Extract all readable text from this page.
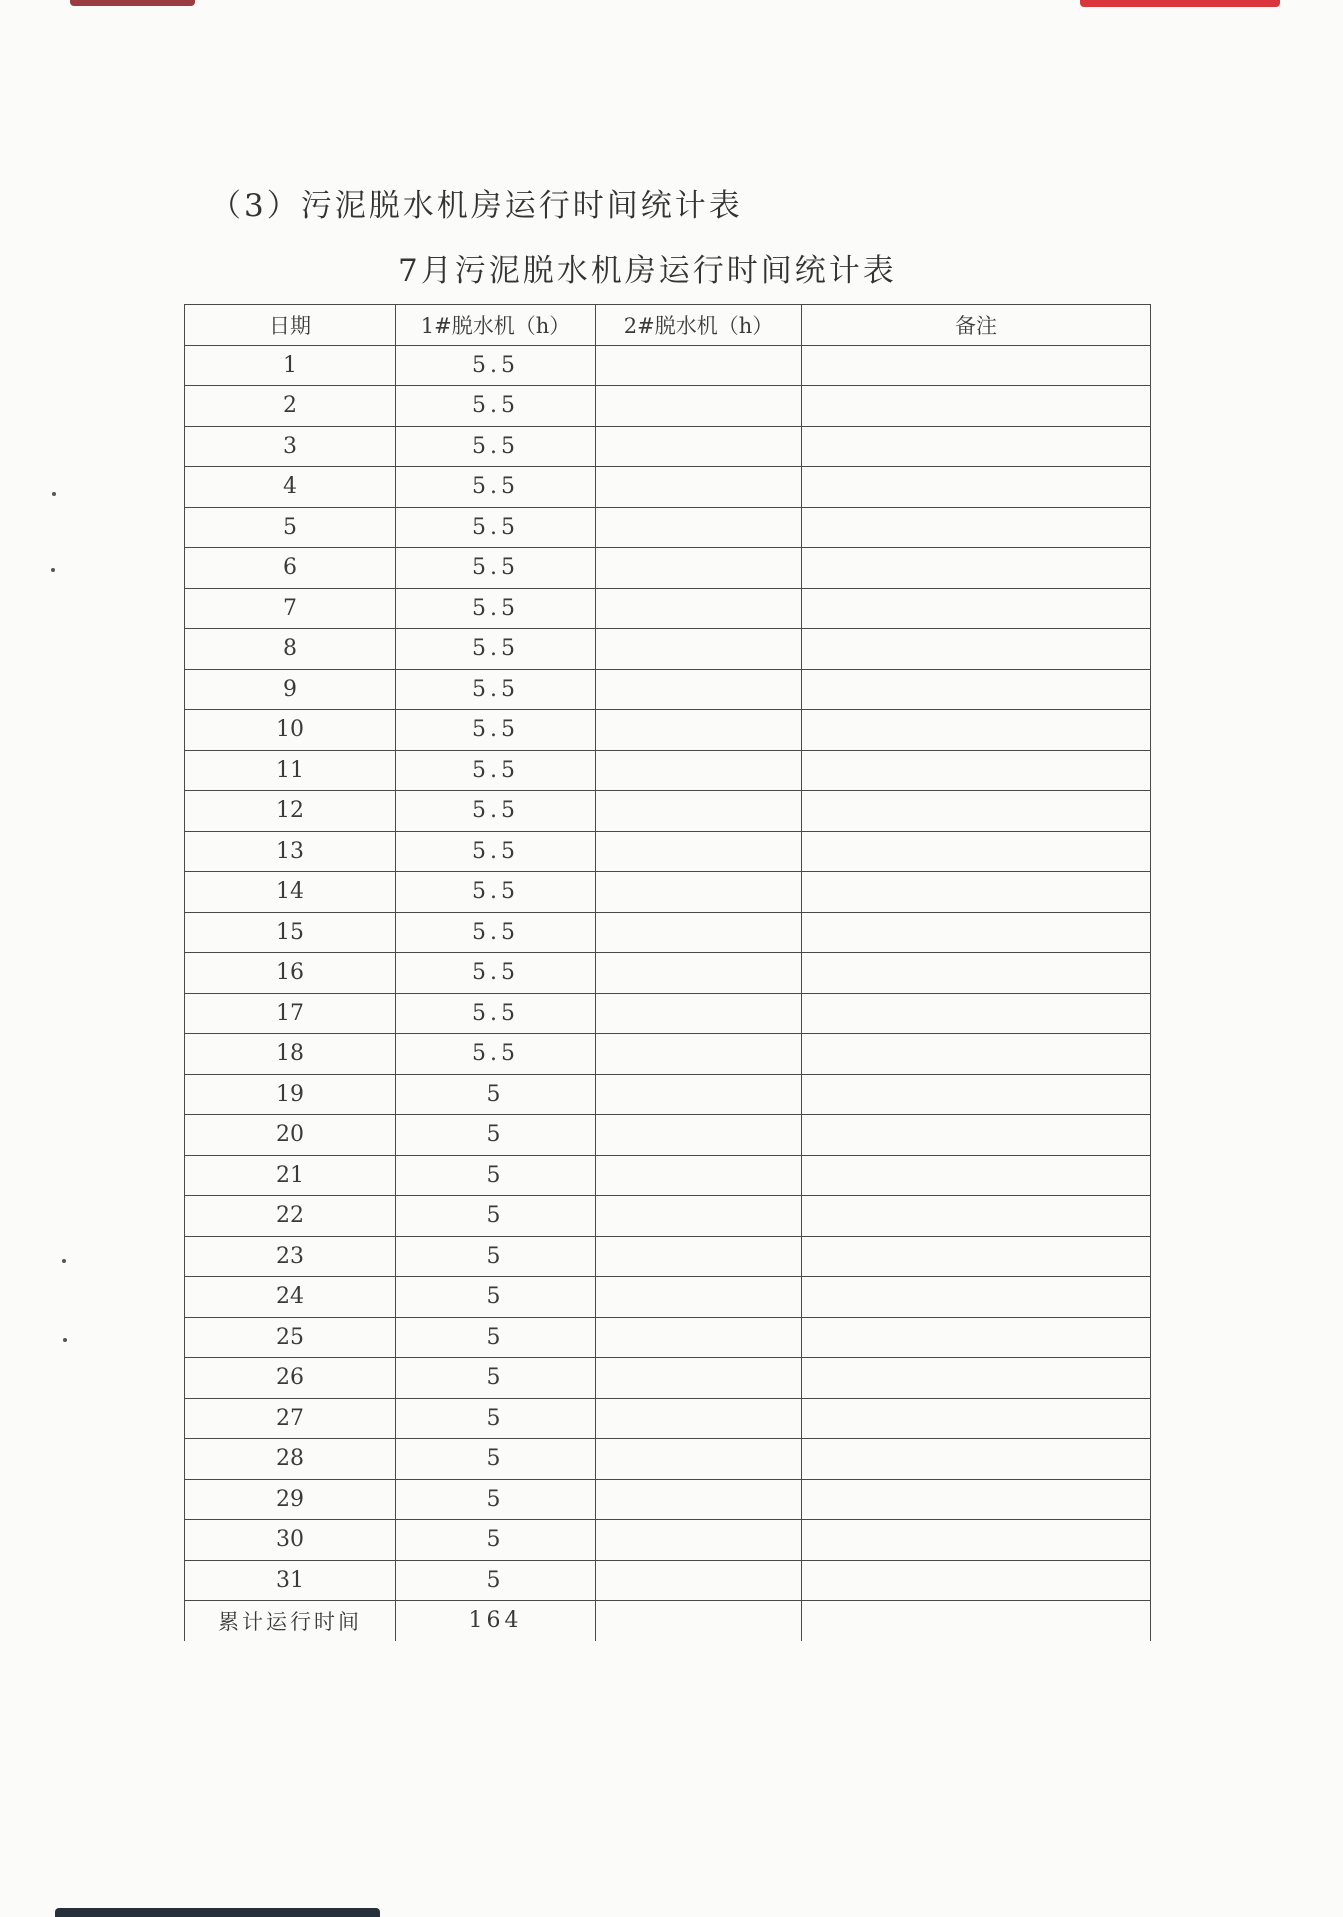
（3）污泥脱水机房运行时间统计表
7月污泥脱水机房运行时间统计表
日期	1#脱水机（h）	2#脱水机（h）	备注
1	5.5		
2	5.5		
3	5.5		
4	5.5		
5	5.5		
6	5.5		
7	5.5		
8	5.5		
9	5.5		
10	5.5		
11	5.5		
12	5.5		
13	5.5		
14	5.5		
15	5.5		
16	5.5		
17	5.5		
18	5.5		
19	5		
20	5		
21	5		
22	5		
23	5		
24	5		
25	5		
26	5		
27	5		
28	5		
29	5		
30	5		
31	5		
累计运行时间	164		
